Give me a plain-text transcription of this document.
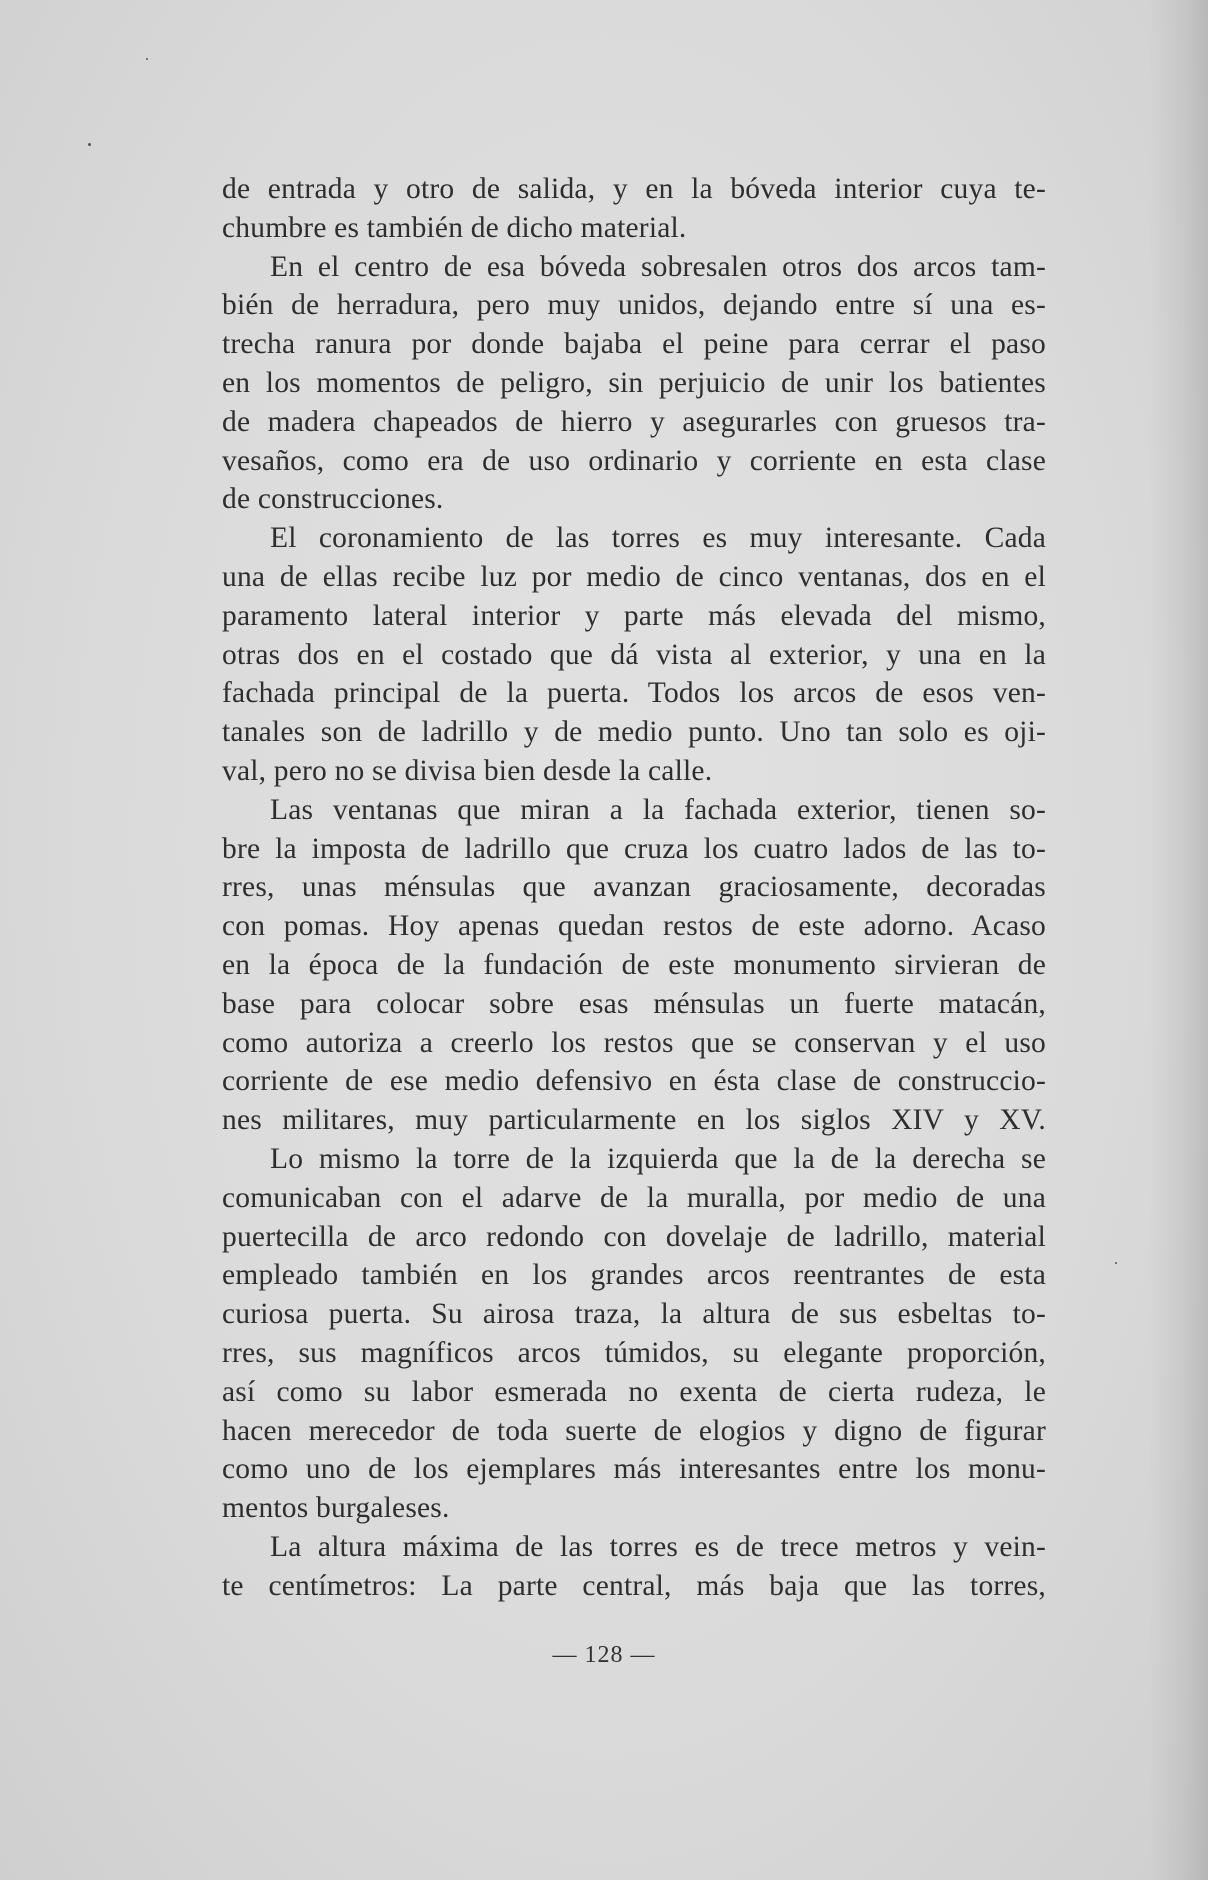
de entrada y otro de salida, y en la bóveda interior cuya te-
chumbre es también de dicho material.
En el centro de esa bóveda sobresalen otros dos arcos tam-
bién de herradura, pero muy unidos, dejando entre sí una es-
trecha ranura por donde bajaba el peine para cerrar el paso
en los momentos de peligro, sin perjuicio de unir los batientes
de madera chapeados de hierro y asegurarles con gruesos tra-
vesaños, como era de uso ordinario y corriente en esta clase
de construcciones.
El coronamiento de las torres es muy interesante. Cada
una de ellas recibe luz por medio de cinco ventanas, dos en el
paramento lateral interior y parte más elevada del mismo,
otras dos en el costado que dá vista al exterior, y una en la
fachada principal de la puerta. Todos los arcos de esos ven-
tanales son de ladrillo y de medio punto. Uno tan solo es oji-
val, pero no se divisa bien desde la calle.
Las ventanas que miran a la fachada exterior, tienen so-
bre la imposta de ladrillo que cruza los cuatro lados de las to-
rres, unas ménsulas que avanzan graciosamente, decoradas
con pomas. Hoy apenas quedan restos de este adorno. Acaso
en la época de la fundación de este monumento sirvieran de
base para colocar sobre esas ménsulas un fuerte matacán,
como autoriza a creerlo los restos que se conservan y el uso
corriente de ese medio defensivo en ésta clase de construccio-
nes militares, muy particularmente en los siglos XIV y XV.
Lo mismo la torre de la izquierda que la de la derecha se
comunicaban con el adarve de la muralla, por medio de una
puertecilla de arco redondo con dovelaje de ladrillo, material
empleado también en los grandes arcos reentrantes de esta
curiosa puerta. Su airosa traza, la altura de sus esbeltas to-
rres, sus magníficos arcos túmidos, su elegante proporción,
así como su labor esmerada no exenta de cierta rudeza, le
hacen merecedor de toda suerte de elogios y digno de figurar
como uno de los ejemplares más interesantes entre los monu-
mentos burgaleses.
La altura máxima de las torres es de trece metros y vein-
te centímetros: La parte central, más baja que las torres,
— 128 —
